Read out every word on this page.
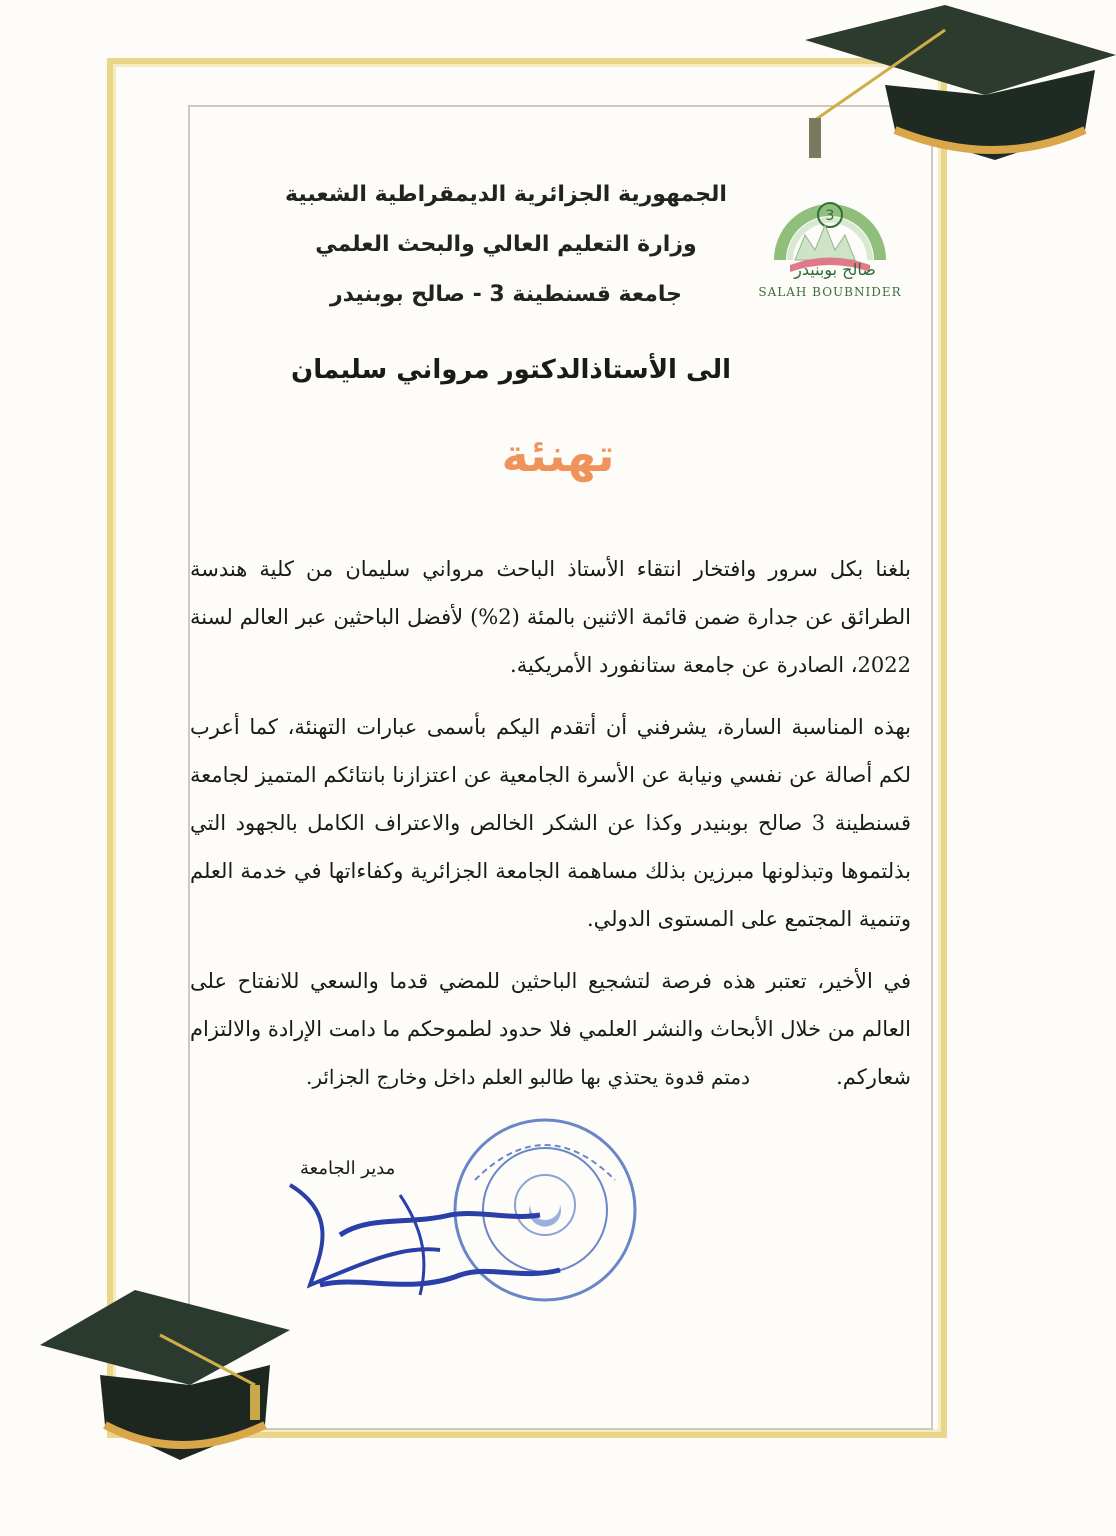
الجمهورية الجزائرية الديمقراطية الشعبية
وزارة التعليم العالي والبحث العلمي
جامعة قسنطينة 3 - صالح بوبنيدر
3
صالح بوبنيدر
SALAH BOUBNIDER
الى الأستاذالدكتور مرواني سليمان
تهنئة

بلغنا بكل سرور وافتخار انتقاء الأستاذ الباحث مرواني سليمان من كلية هندسة الطرائق عن جدارة ضمن قائمة الاثنين بالمئة (2%) لأفضل الباحثين عبر العالم لسنة 2022، الصادرة عن جامعة ستانفورد الأمريكية.

بهذه المناسبة السارة، يشرفني أن أتقدم اليكم بأسمى عبارات التهنئة، كما أعرب لكم أصالة عن نفسي ونيابة عن الأسرة الجامعية عن اعتزازنا بانتائكم المتميز لجامعة قسنطينة 3 صالح بوبنيدر وكذا عن الشكر الخالص والاعتراف الكامل بالجهود التي بذلتموها وتبذلونها مبرزين بذلك مساهمة الجامعة الجزائرية وكفاءاتها في خدمة العلم وتنمية المجتمع على المستوى الدولي.

في الأخير، تعتبر هذه فرصة لتشجيع الباحثين للمضي قدما والسعي للانفتاح على العالم من خلال الأبحاث والنشر العلمي فلا حدود لطموحكم ما دامت الإرادة والالتزام شعاركم.

دمتم قدوة يحتذي بها طالبو العلم داخل وخارج الجزائر.
مدير الجامعة
